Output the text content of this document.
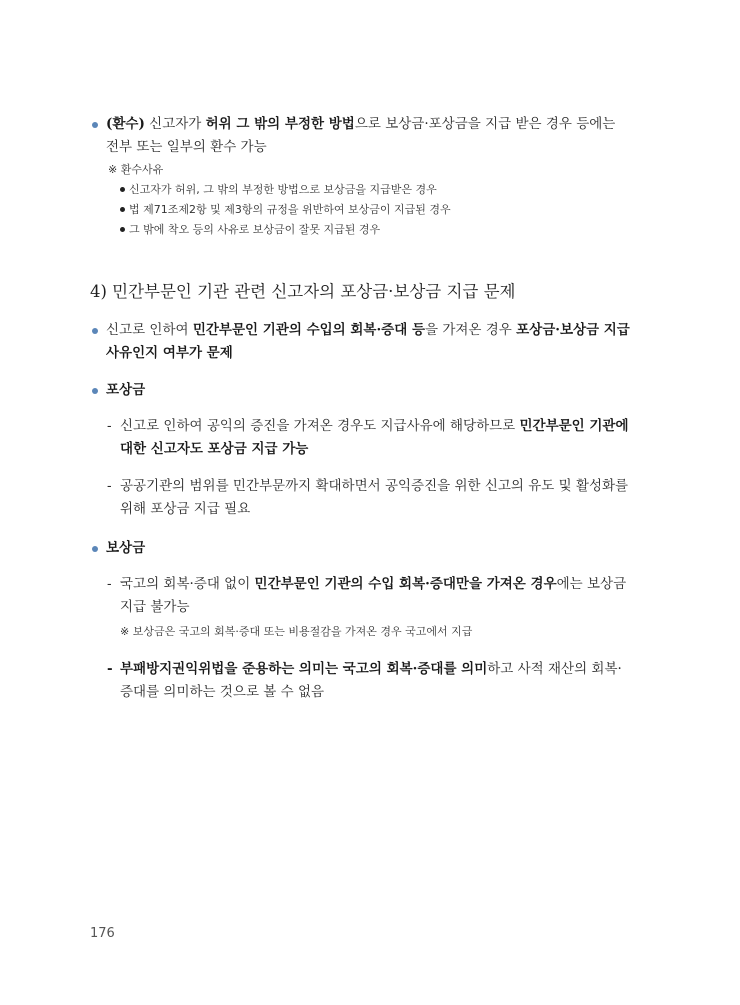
(환수) 신고자가 허위 그 밖의 부정한 방법으로 보상금·포상금을 지급 받은 경우 등에는
전부 또는 일부의 환수 가능
※ 환수사유
신고자가 허위, 그 밖의 부정한 방법으로 보상금을 지급받은 경우
법 제71조제2항 및 제3항의 규정을 위반하여 보상금이 지급된 경우
그 밖에 착오 등의 사유로 보상금이 잘못 지급된 경우
4) 민간부문인 기관 관련 신고자의 포상금·보상금 지급 문제
신고로 인하여 민간부문인 기관의 수입의 회복·증대 등을 가져온 경우 포상금·보상금 지급
사유인지 여부가 문제
포상금
- 신고로 인하여 공익의 증진을 가져온 경우도 지급사유에 해당하므로 민간부문인 기관에
대한 신고자도 포상금 지급 가능
- 공공기관의 범위를 민간부문까지 확대하면서 공익증진을 위한 신고의 유도 및 활성화를
위해 포상금 지급 필요
보상금
- 국고의 회복·증대 없이 민간부문인 기관의 수입 회복·증대만을 가져온 경우에는 보상금
지급 불가능
※ 보상금은 국고의 회복·증대 또는 비용절감을 가져온 경우 국고에서 지급
- 부패방지권익위법을 준용하는 의미는 국고의 회복·증대를 의미하고 사적 재산의 회복·
증대를 의미하는 것으로 볼 수 없음
176
